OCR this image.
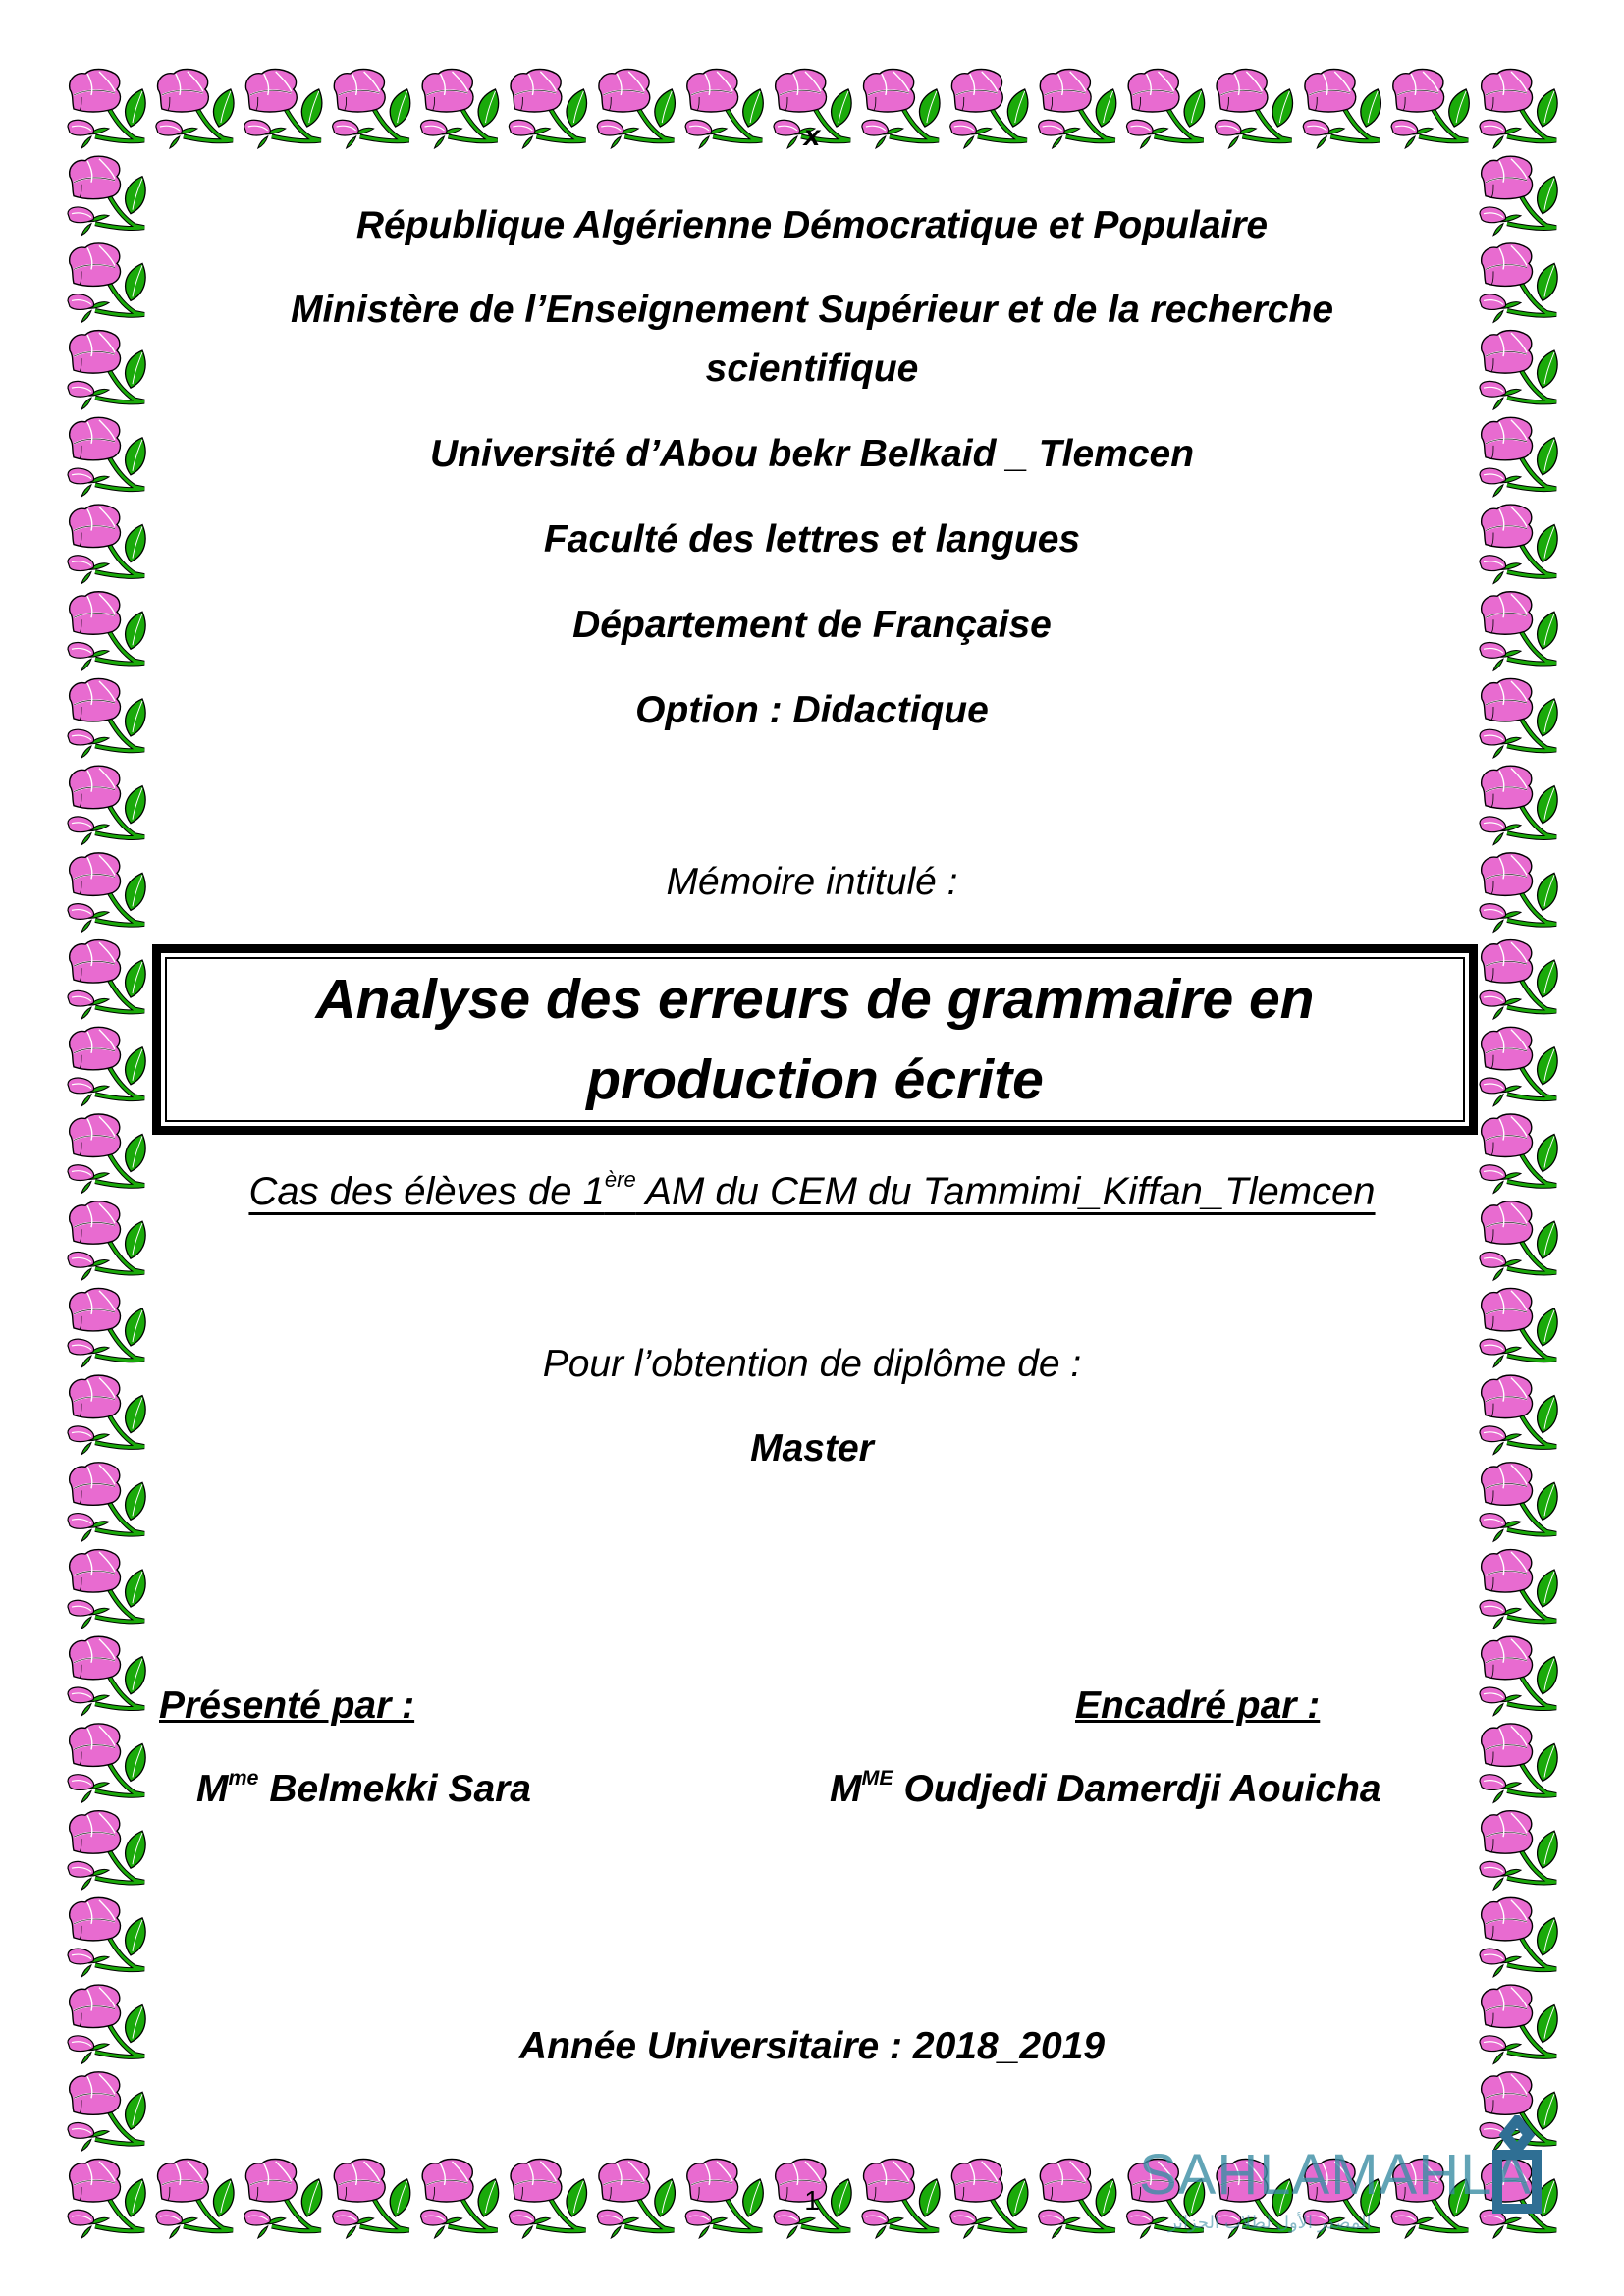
x
République Algérienne Démocratique et Populaire
Ministère de l’Enseignement Supérieur et de la recherche
scientifique
Université d’Abou bekr Belkaid _ Tlemcen
Faculté des lettres et langues
Département de Française
Option : Didactique
Mémoire intitulé :
Analyse des erreurs de grammaire en
production écrite
Cas des élèves de 1ère AM du CEM du Tammimi_Kiffan_Tlemcen
Pour l’obtention de diplôme de :
Master
Présenté par :	Encadré par :
$M^{me}$ Belmekki Sara	$M^{ME}$ Oudjedi Damerdji Aouicha
Année Universitaire : 2018_2019
1	SAHLAMAHLA
المصدر الأول لطلاب الجزائر
